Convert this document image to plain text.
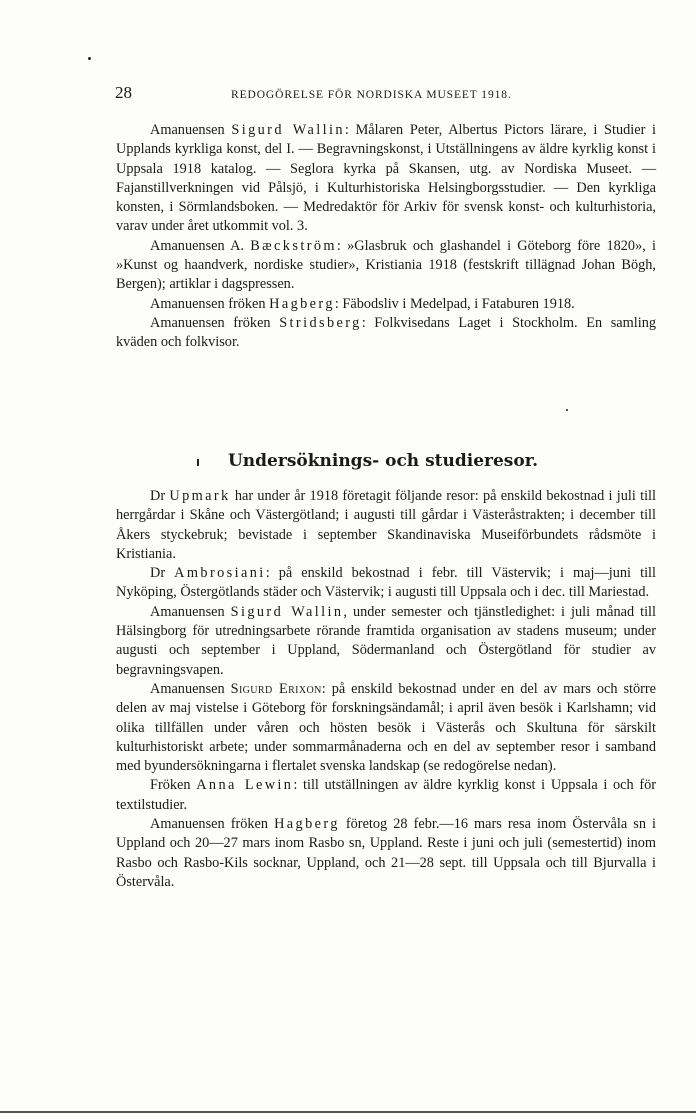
28	REDOGÖRELSE FÖR NORDISKA MUSEET 1918.

Amanuensen Sigurd Wallin: Målaren Peter, Albertus Pictors lärare, i Studier i Upplands kyrkliga konst, del I. — Begravningskonst, i Utställningens av äldre kyrklig konst i Uppsala 1918 katalog. — Seglora kyrka på Skansen, utg. av Nordiska Museet. — Fajanstillverkningen vid Pålsjö, i Kulturhistoriska Helsingborgsstudier. — Den kyrkliga konsten, i Sörmlandsboken. — Medredaktör för Arkiv för svensk konst- och kulturhistoria, varav under året utkommit vol. 3.

Amanuensen A. Bæckström: »Glasbruk och glashandel i Göteborg före 1820», i »Kunst og haandverk, nordiske studier», Kristiania 1918 (festskrift tillägnad Johan Bögh, Bergen); artiklar i dagspressen.

Amanuensen fröken Hagberg: Fäbodsliv i Medelpad, i Fataburen 1918.

Amanuensen fröken Stridsberg: Folkvisedans Laget i Stockholm. En samling kväden och folkvisor.

Undersöknings- och studieresor.

Dr Upmark har under år 1918 företagit följande resor: på enskild bekostnad i juli till herrgårdar i Skåne och Västergötland; i augusti till gårdar i Västeråstrakten; i december till Åkers styckebruk; bevistade i september Skandinaviska Museiförbundets rådsmöte i Kristiania.

Dr Ambrosiani: på enskild bekostnad i febr. till Västervik; i maj—juni till Nyköping, Östergötlands städer och Västervik; i augusti till Uppsala och i dec. till Mariestad.

Amanuensen Sigurd Wallin, under semester och tjänstledighet: i juli månad till Hälsingborg för utredningsarbete rörande framtida organisation av stadens museum; under augusti och september i Uppland, Södermanland och Östergötland för studier av begravningsvapen.

Amanuensen Sigurd Erixon: på enskild bekostnad under en del av mars och större delen av maj vistelse i Göteborg för forskningsändamål; i april även besök i Karlshamn; vid olika tillfällen under våren och hösten besök i Västerås och Skultuna för särskilt kulturhistoriskt arbete; under sommarmånaderna och en del av september resor i samband med byundersökningarna i flertalet svenska landskap (se redogörelse nedan).

Fröken Anna Lewin: till utställningen av äldre kyrklig konst i Uppsala i och för textilstudier.

Amanuensen fröken Hagberg företog 28 febr.—16 mars resa inom Östervåla sn i Uppland och 20—27 mars inom Rasbo sn, Uppland. Reste i juni och juli (semestertid) inom Rasbo och Rasbo-Kils socknar, Uppland, och 21—28 sept. till Uppsala och till Bjurvalla i Östervåla.
